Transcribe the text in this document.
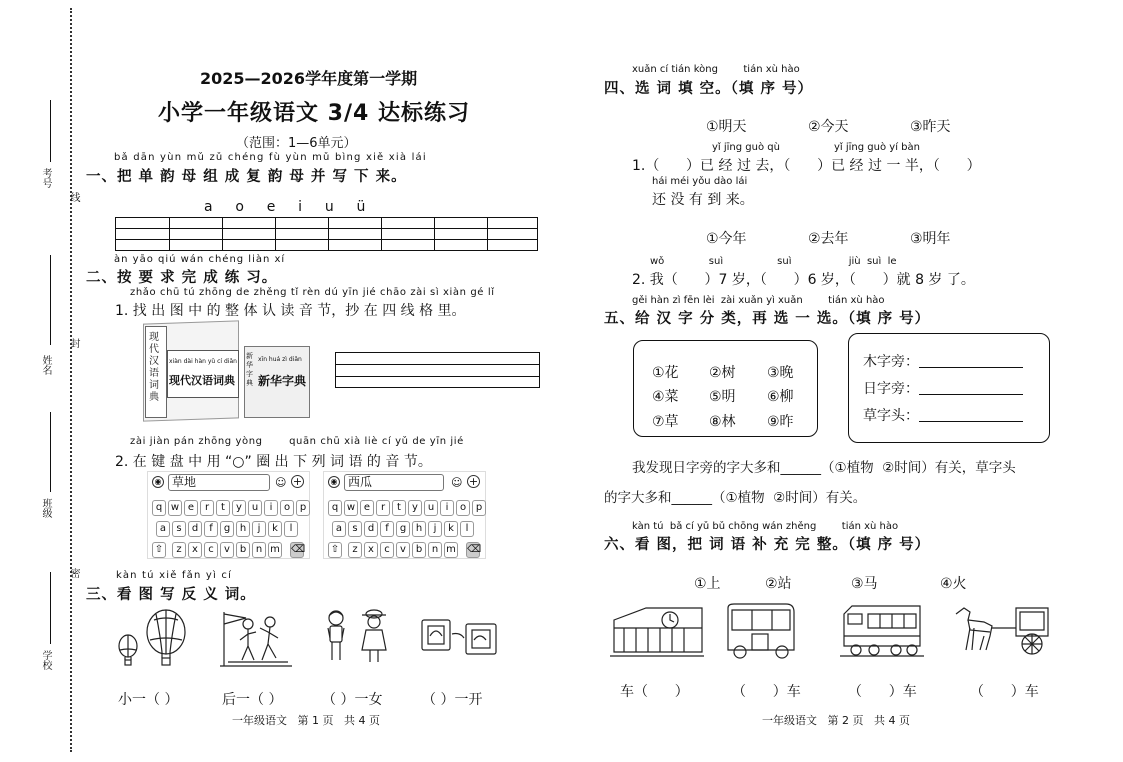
考号
线
姓名
封
班级
密
学校
2025—2026学年度第一学期
小学一年级语文 3/4 达标练习
（范围：1—6单元）
bǎ dān yùn mǔ zǔ chéng fù yùn mǔ bìng xiě xià lái
一、把 单 韵 母 组 成 复 韵 母 并 写 下 来。
a    o    e    i    u    ü
àn yāo qiú wán chéng liàn xí
二、按 要 求 完 成 练 习。
zhǎo chū tú zhōng de zhěng tǐ rèn dú yīn jié chāo zài sì xiàn gé lǐ
1. 找 出 图 中 的 整 体 认 读 音 节，抄 在 四 线 格 里。
现代汉语词典
xiàn dài hàn yǔ cí diǎn
现代汉语词典
新华字典
xīn huá zì diǎn
新华字典
zài jiàn pán zhōng yòng       quān chū xià liè cí yǔ de yīn jié
2. 在 键 盘 中 用 “○” 圈 出 下 列 词 语 的 音 节。
◉ 草地	☺ +
q w e	r	t	y u	i	o p
a	s	d	f	g h	j	k	l
⇧	z	x	c	v b n m ⌫
◉ 西瓜	☺ +
q w e	r	t	y u	i	o p
a	s	d	f	g h	j	k	l
⇧	z	x	c	v b n m ⌫
kàn tú xiě fǎn yì cí
三、看 图 写 反 义 词。
小一（ ）	后一（ ）	（ ）一女	（ ）一开
一年级语文   第 1 页   共 4 页
xuǎn cí tián kòng        tián xù hào
四、选 词 填 空。（填 序 号）
①明天	②今天	③昨天
yǐ jīng guò qù                 yǐ jīng guò yí bàn
1.（      ）已 经 过 去，（      ）已 经 过 一 半，（      ）
hái méi yǒu dào lái
还 没 有 到 来。
①今年	②去年	③明年
wǒ              suì                 suì                  jiù  suì  le
2. 我（      ）7 岁，（      ）6 岁，（      ）就 8 岁 了。
gěi hàn zì fēn lèi  zài xuǎn yì xuǎn        tián xù hào
五、给 汉 字 分 类，再 选 一 选。（填 序 号）
①花 ②树 ③晚
④菜 ⑤明 ⑥柳
⑦草 ⑧林 ⑨昨
木字旁：
日字旁：
草字头：
我发现日字旁的字大多和______（①植物  ②时间）有关，草字头
的字大多和______（①植物  ②时间）有关。
kàn tú  bǎ cí yǔ bǔ chōng wán zhěng        tián xù hào
六、看 图，把 词 语 补 充 完 整。（填 序 号）
①上	②站	③马	④火
车（      ）	（      ）车	（      ）车	（      ）车
一年级语文   第 2 页   共 4 页
